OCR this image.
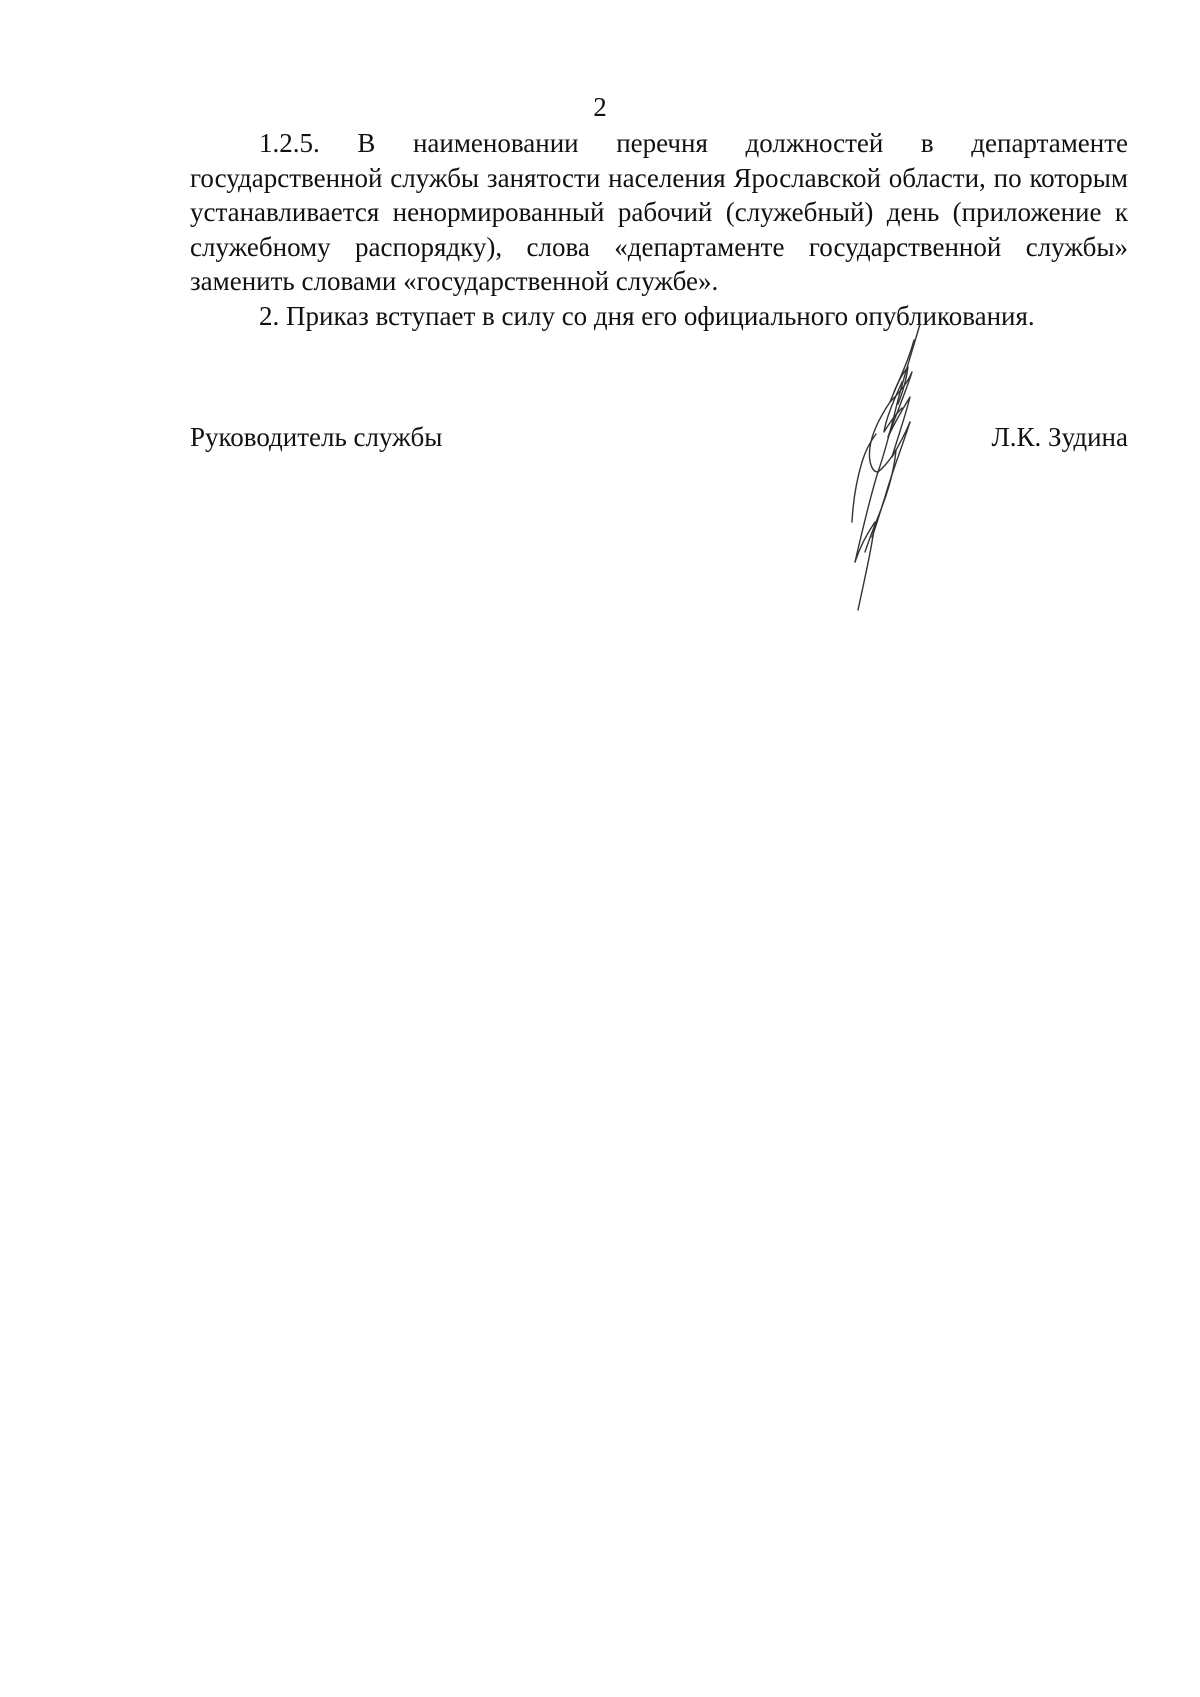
2

1.2.5. В наименовании перечня должностей в департаменте государственной службы занятости населения Ярославской области, по которым устанавливается ненормированный рабочий (служебный) день (приложение к служебному распорядку), слова «департаменте государственной службы» заменить словами «государственной службе».

2. Приказ вступает в силу со дня его официального опубликования.

Руководитель службы	Л.К. Зудина
